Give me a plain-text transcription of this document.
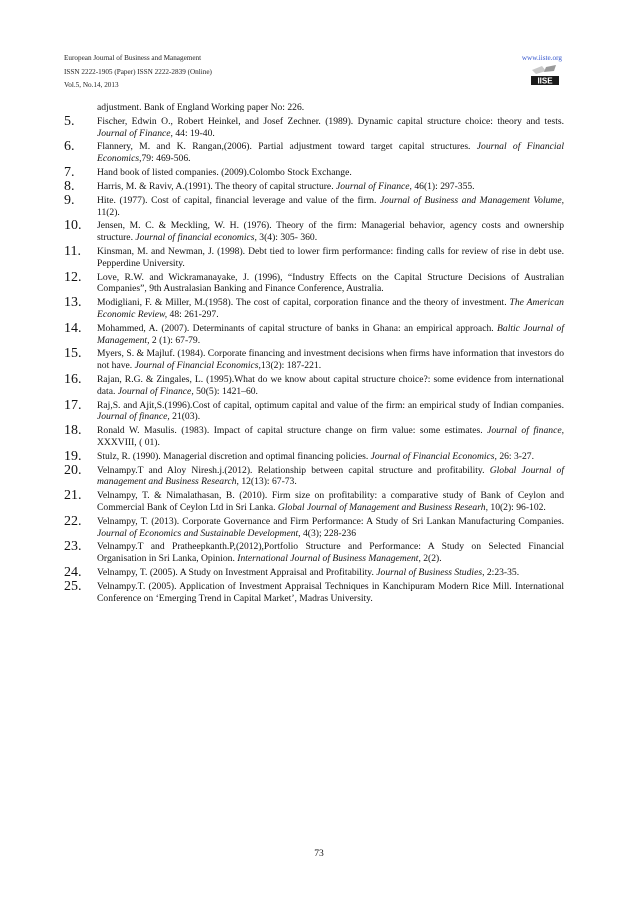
European Journal of Business and Management
ISSN 2222-1905 (Paper) ISSN 2222-2839 (Online)
Vol.5, No.14, 2013
www.iiste.org
IISE
adjustment. Bank of England Working paper No: 226.
5.	Fischer, Edwin O., Robert Heinkel, and Josef Zechner. (1989). Dynamic capital structure choice: theory and tests. Journal of Finance, 44: 19-40.
6.	Flannery, M. and K. Rangan,(2006). Partial adjustment toward target capital structures. Journal of Financial Economics,79: 469-506.
7.	Hand book of listed companies. (2009).Colombo Stock Exchange.
8.	Harris, M. & Raviv, A.(1991). The theory of capital structure. Journal of Finance, 46(1): 297-355.
9.	Hite. (1977). Cost of capital, financial leverage and value of the firm. Journal of Business and Management Volume, 11(2).
10.	Jensen, M. C. & Meckling, W. H. (1976). Theory of the firm: Managerial behavior, agency costs and ownership structure. Journal of financial economics, 3(4): 305- 360.
11.	Kinsman, M. and Newman, J. (1998). Debt tied to lower firm performance: finding calls for review of rise in debt use. Pepperdine University.
12.	Love, R.W. and Wickramanayake, J. (1996), “Industry Effects on the Capital Structure Decisions of Australian Companies”, 9th Australasian Banking and Finance Conference, Australia.
13.	Modigliani, F. & Miller, M.(1958). The cost of capital, corporation finance and the theory of investment. The American Economic Review, 48: 261-297.
14.	Mohammed, A. (2007). Determinants of capital structure of banks in Ghana: an empirical approach. Baltic Journal of Management, 2 (1): 67-79.
15.	Myers, S. & Majluf. (1984). Corporate financing and investment decisions when firms have information that investors do not have. Journal of Financial Economics,13(2): 187-221.
16.	Rajan, R.G. & Zingales, L. (1995).What do we know about capital structure choice?: some evidence from international data. Journal of Finance, 50(5): 1421–60.
17.	Raj,S. and Ajit,S.(1996).Cost of capital, optimum capital and value of the firm: an empirical study of Indian companies. Journal of finance, 21(03).
18.	Ronald W. Masulis. (1983). Impact of capital structure change on firm value: some estimates. Journal of finance, XXXVIII, ( 01).
19.	Stulz, R. (1990). Managerial discretion and optimal financing policies. Journal of Financial Economics, 26: 3-27.
20.	Velnampy.T and Aloy Niresh.j.(2012). Relationship between capital structure and profitability. Global Journal of management and Business Research, 12(13): 67-73.
21.	Velnampy, T. & Nimalathasan, B. (2010). Firm size on profitability: a comparative study of Bank of Ceylon and Commercial Bank of Ceylon Ltd in Sri Lanka. Global Journal of Management and Business Researh, 10(2): 96-102.
22.	Velnampy, T. (2013). Corporate Governance and Firm Performance: A Study of Sri Lankan Manufacturing Companies. Journal of Economics and Sustainable Development, 4(3); 228-236
23.	Velnampy.T and Pratheepkanth.P,(2012),Portfolio Structure and Performance: A Study on Selected Financial Organisation in Sri Lanka, Opinion. International Journal of Business Management, 2(2).
24.	Velnampy, T. (2005). A Study on Investment Appraisal and Profitability. Journal of Business Studies, 2:23-35.
25.	Velnampy.T. (2005). Application of Investment Appraisal Techniques in Kanchipuram Modern Rice Mill. International Conference on ‘Emerging Trend in Capital Market’, Madras University.
73
